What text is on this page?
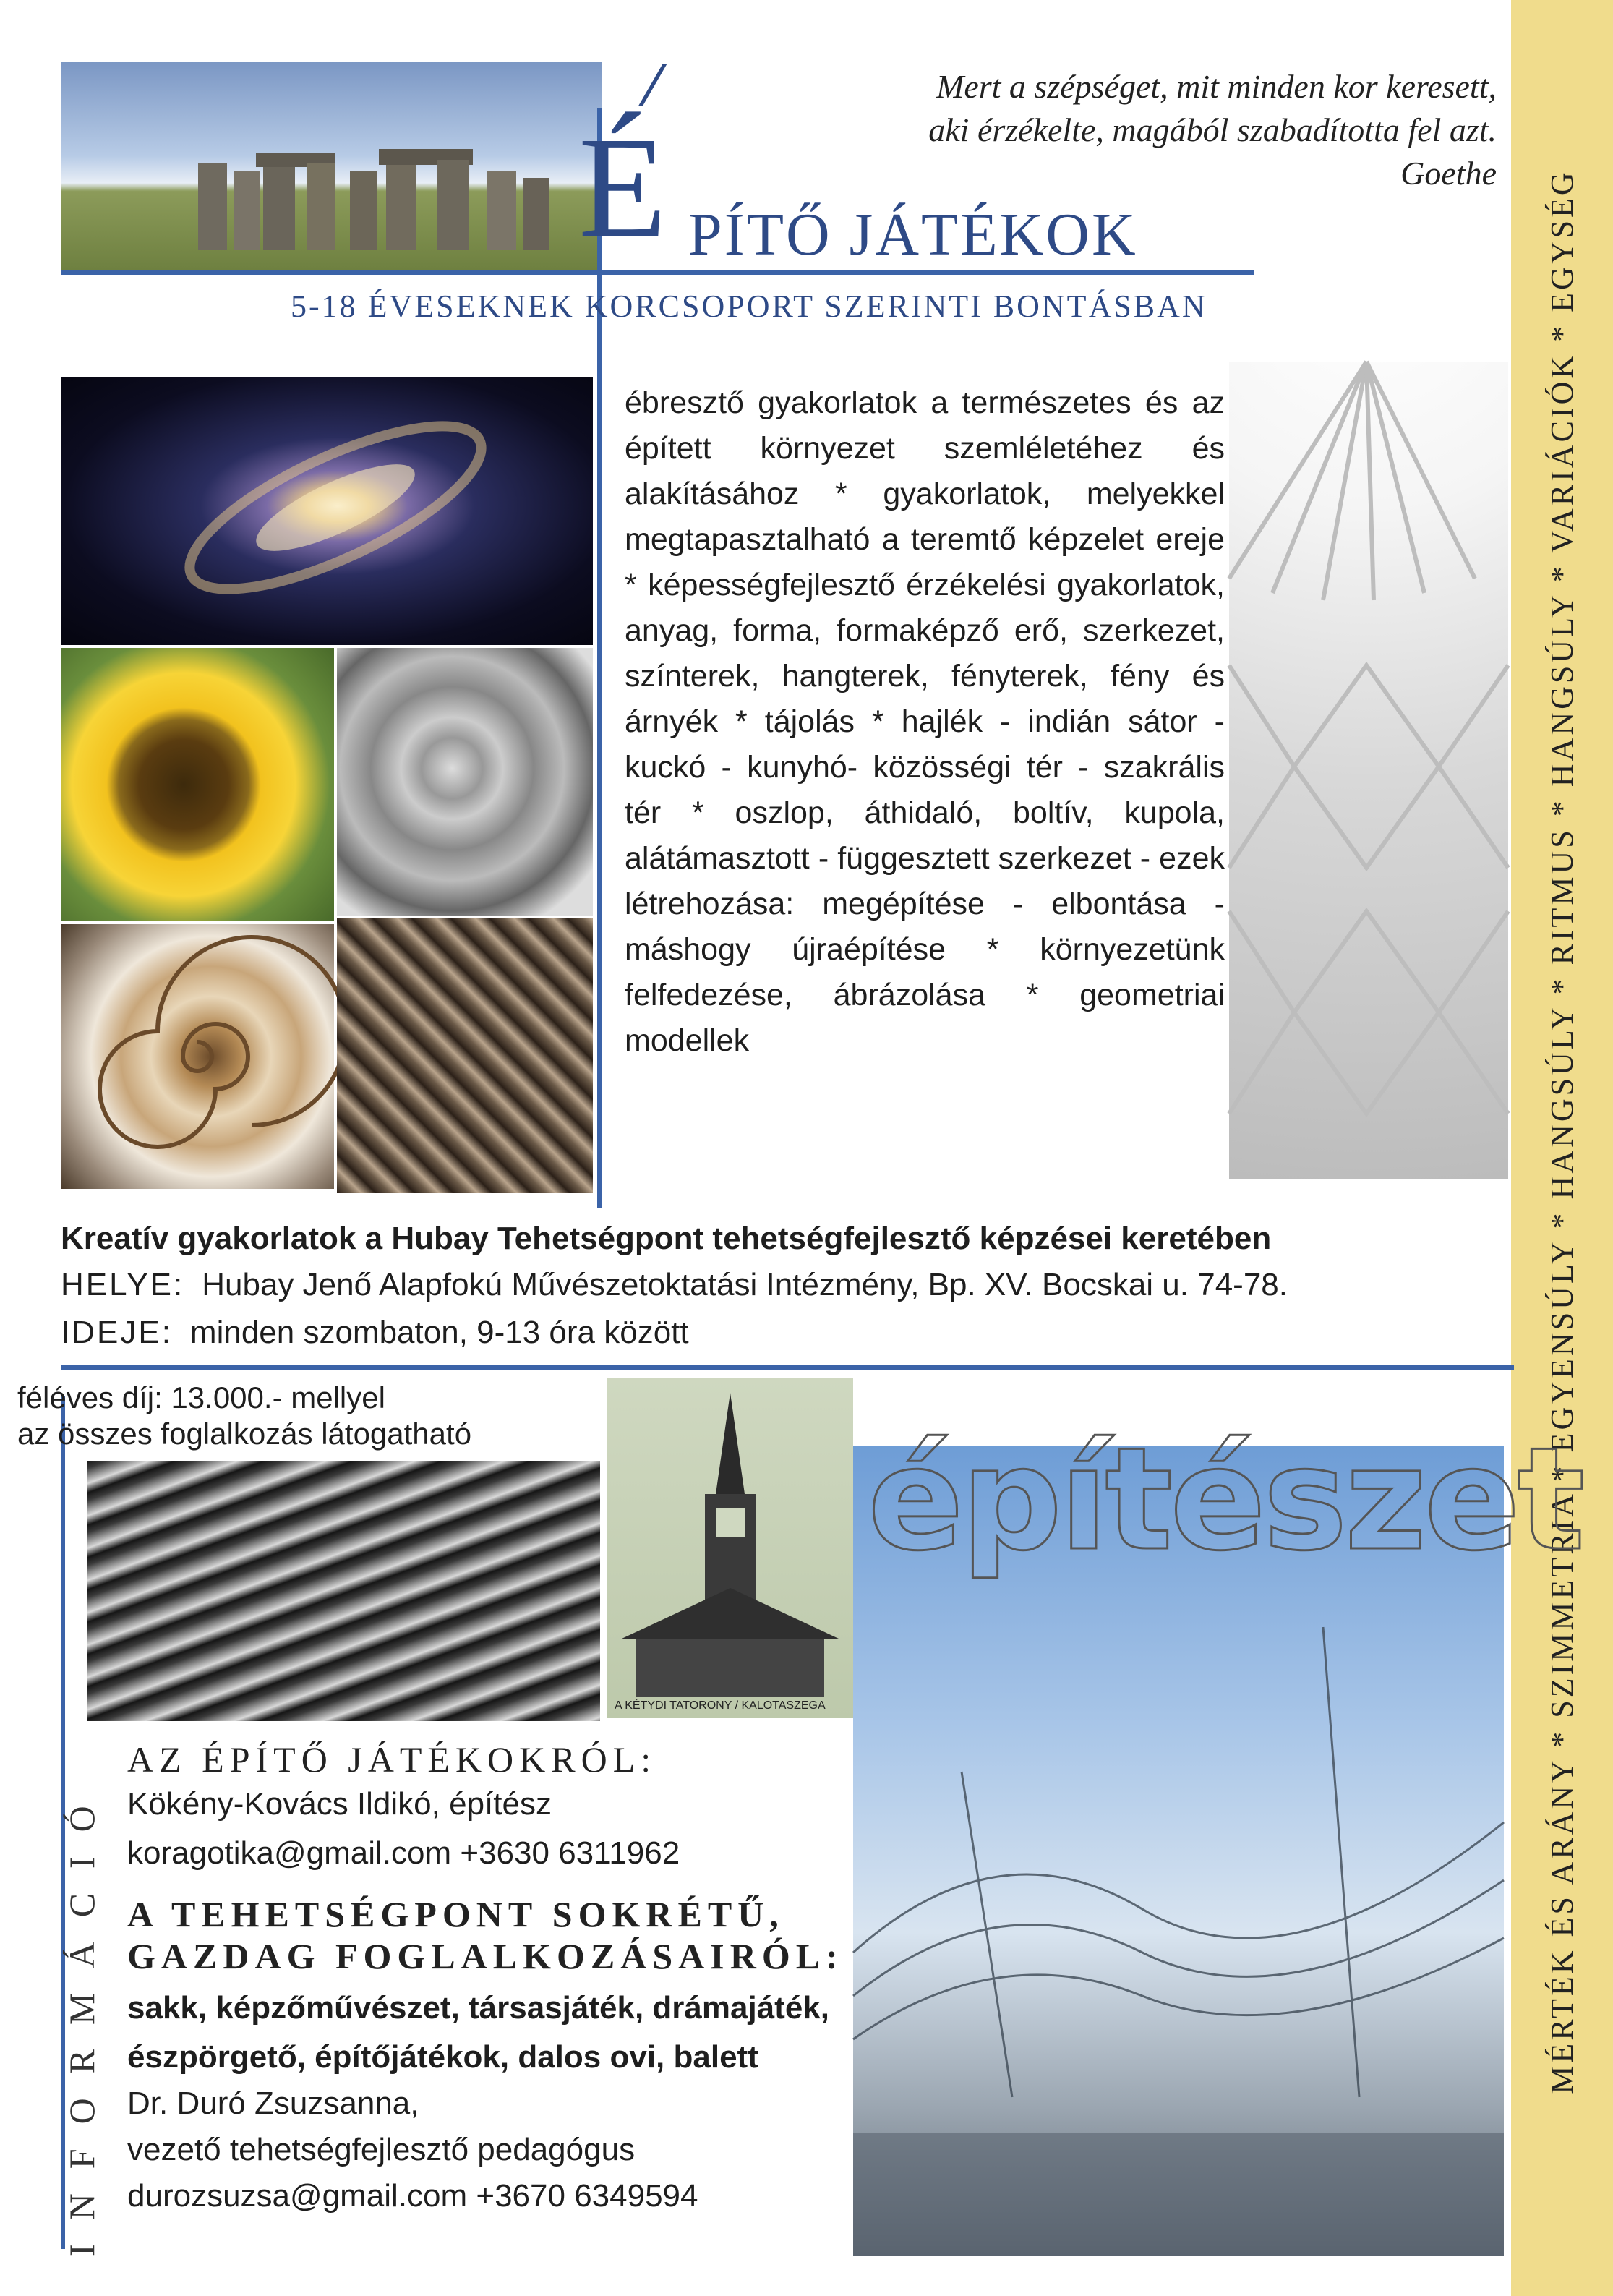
MÉRTÉK ÉS ARÁNY * SZIMMETRIA * EGYENSÚLY * HANGSÚLY * RITMUS * HANGSÚLY * VARIÁCIÓK * EGYSÉG
Mert a szépséget, mit minden kor keresett,
aki érzékelte, magából szabadította fel azt.
Goethe
É PÍTŐ JÁTÉKOK
5-18 ÉVESEKNEK KORCSOPORT SZERINTI BONTÁSBAN
ébresztő gyakorlatok a természetes és az épített környezet szemléletéhez és alakításához * gyakorlatok, melyekkel megtapasztalható a teremtő képzelet ereje * képességfejlesztő érzékelési gyakorlatok, anyag, forma, formaképző erő, szerkezet, színterek, hangterek, fényterek, fény és árnyék * tájolás * hajlék - indián sátor - kuckó - kunyhó- közösségi tér - szakrális tér * oszlop, áthidaló, boltív, kupola, alátámasztott - függesztett szerkezet - ezek létrehozása: megépítése - elbontása - máshogy újraépítése * környezetünk felfedezése, ábrázolása * geometriai modellek
Kreatív gyakorlatok a Hubay Tehetségpont tehetségfejlesztő képzései keretében
HELYE: Hubay Jenő Alapfokú Művészetoktatási Intézmény, Bp. XV. Bocskai u. 74-78.
IDEJE: minden szombaton, 9-13 óra között
féléves díj: 13.000.- mellyel
az összes foglalkozás látogatható
A KÉTYDI TATORONY / KALOTASZEGA
építészet
INFORMÁCIÓ
AZ ÉPÍTŐ JÁTÉKOKRÓL:
Kökény-Kovács Ildikó, építész
koragotika@gmail.com +3630 6311962
A TEHETSÉGPONT SOKRÉTŰ,
GAZDAG FOGLALKOZÁSAIRÓL:
sakk, képzőművészet, társasjáték, drámajáték,
észpörgető, építőjátékok, dalos ovi, balett
Dr. Duró Zsuzsanna,
vezető tehetségfejlesztő pedagógus
durozsuzsa@gmail.com +3670 6349594
